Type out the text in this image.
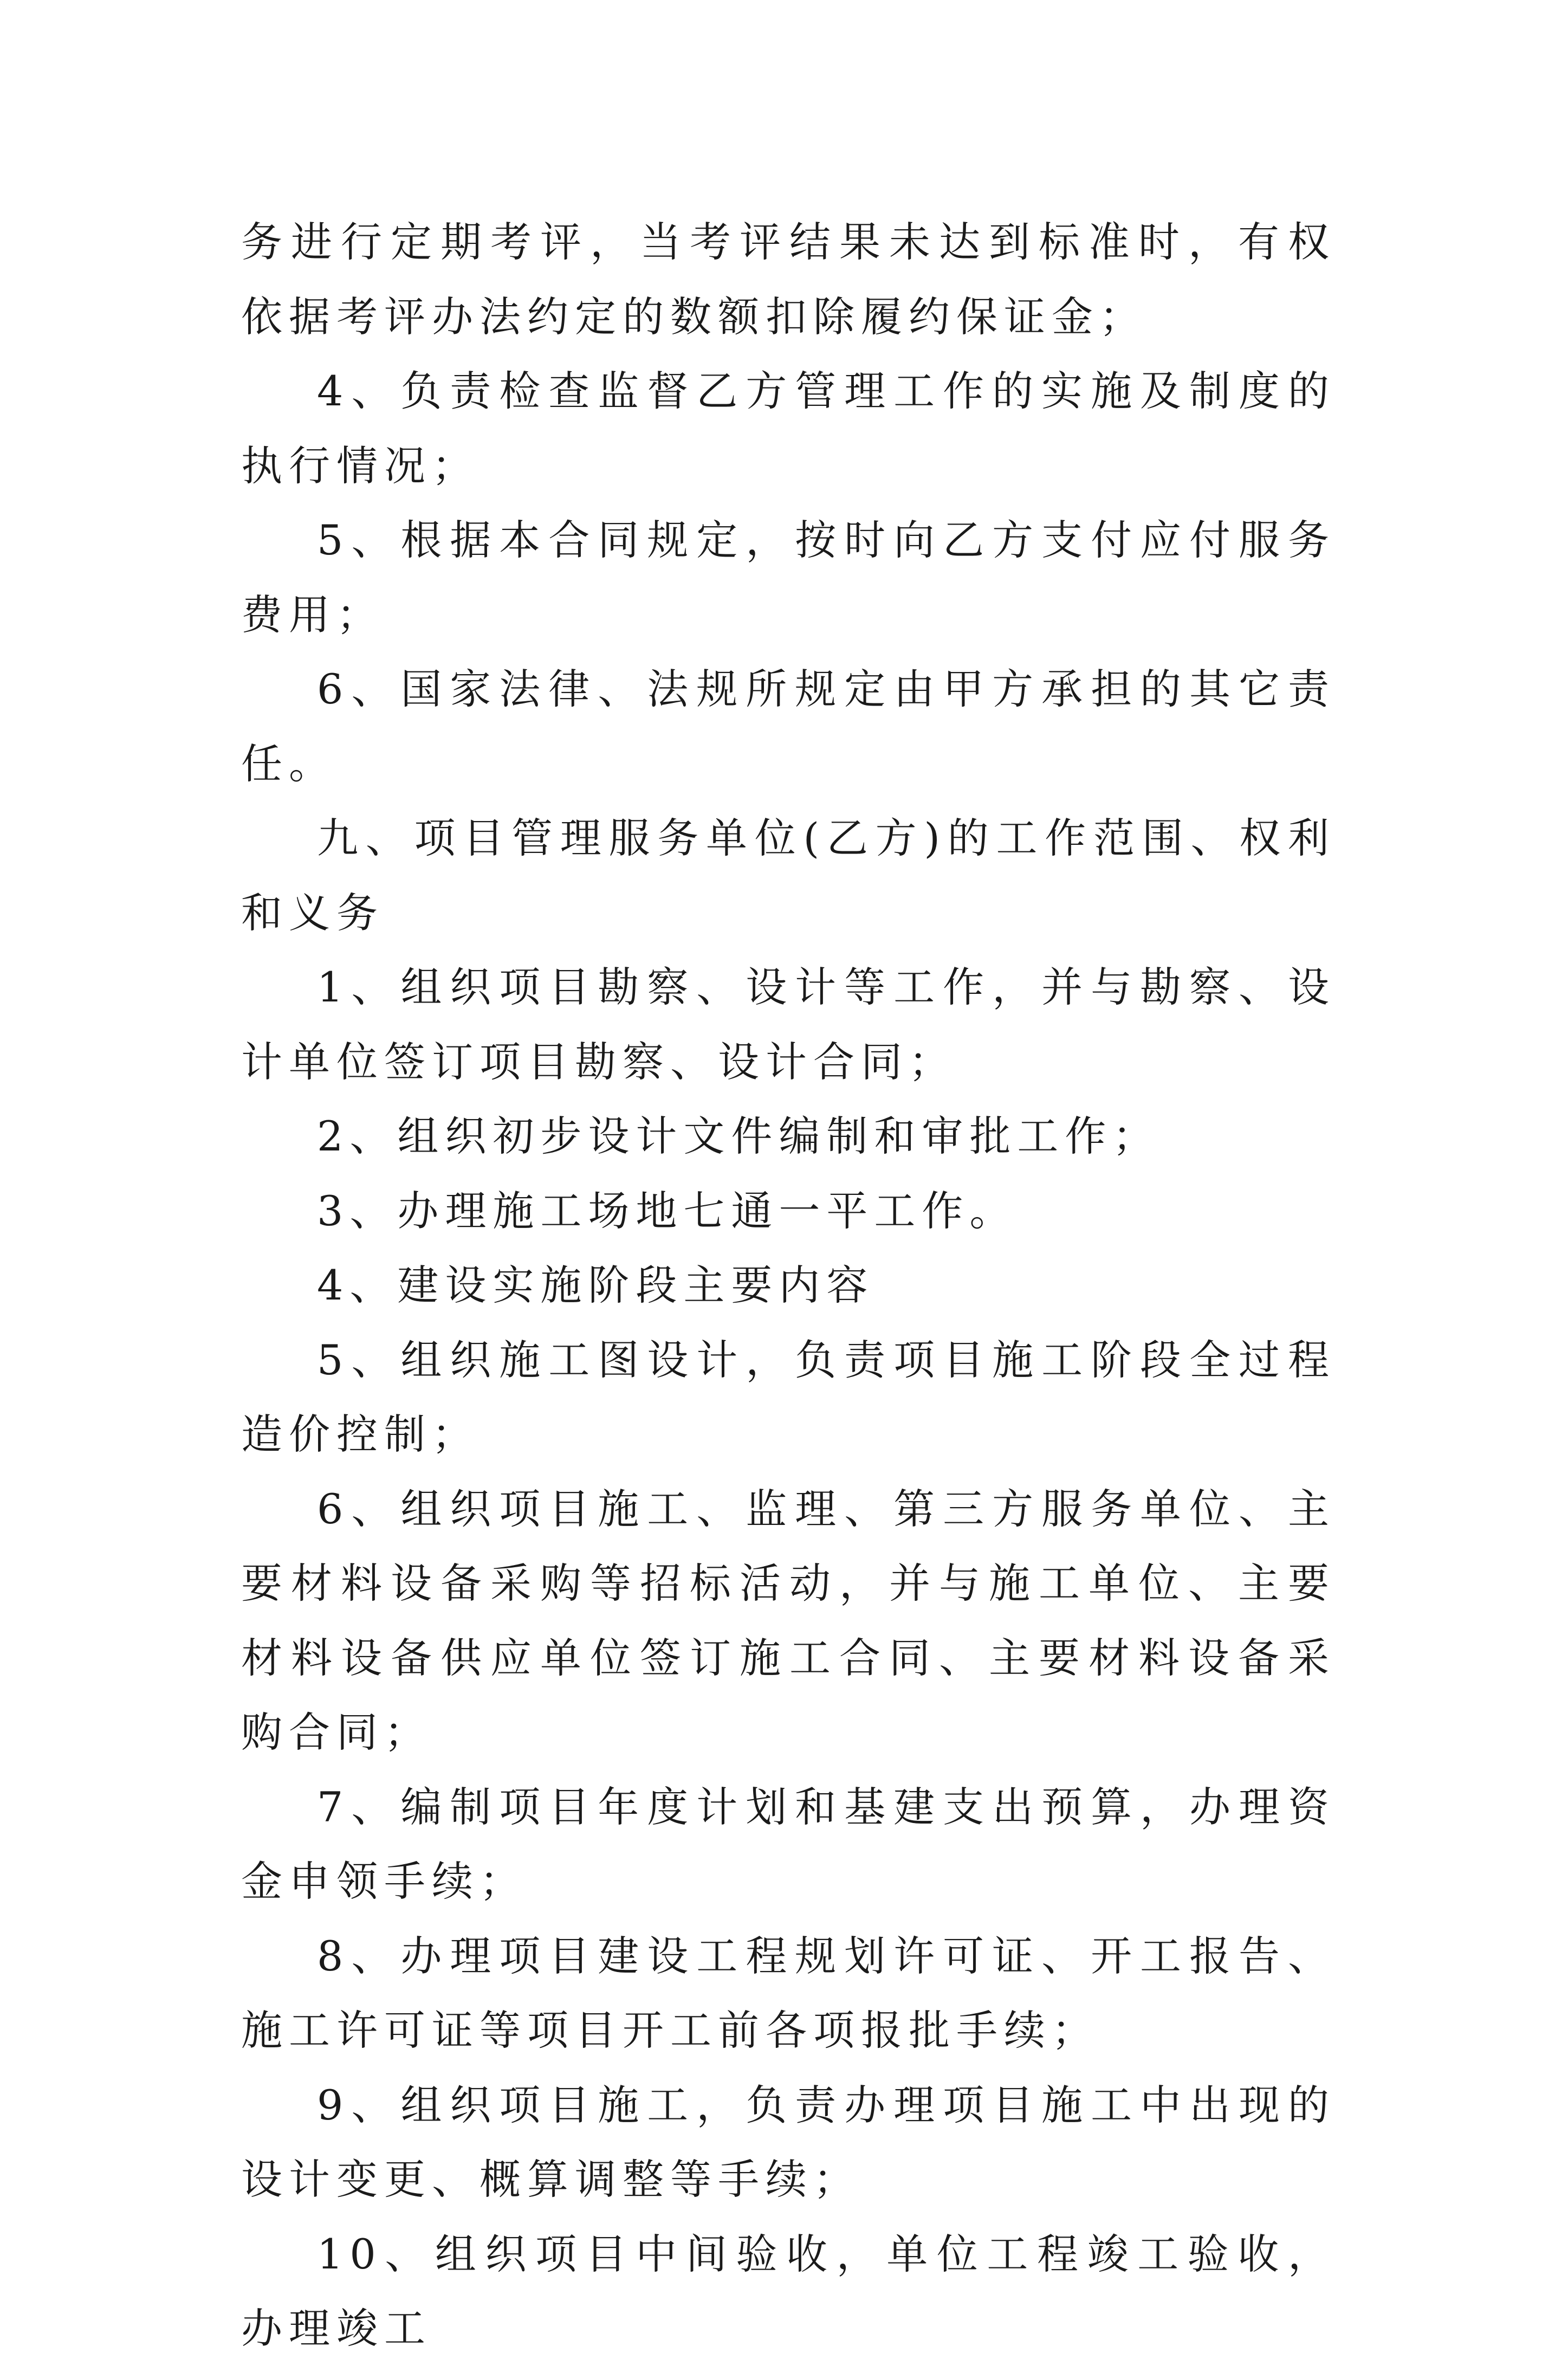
务进行定期考评，当考评结果未达到标准时，有权依据考评办法约定的数额扣除履约保证金；

4、负责检查监督乙方管理工作的实施及制度的执行情况；

5、根据本合同规定，按时向乙方支付应付服务费用；

6、国家法律、法规所规定由甲方承担的其它责任。

九、项目管理服务单位(乙方)的工作范围、权利和义务

1、组织项目勘察、设计等工作，并与勘察、设计单位签订项目勘察、设计合同；

2、组织初步设计文件编制和审批工作；

3、办理施工场地七通一平工作。

4、建设实施阶段主要内容

5、组织施工图设计，负责项目施工阶段全过程造价控制；

6、组织项目施工、监理、第三方服务单位、主要材料设备采购等招标活动，并与施工单位、主要材料设备供应单位签订施工合同、主要材料设备采购合同；

7、编制项目年度计划和基建支出预算，办理资金申领手续；

8、办理项目建设工程规划许可证、开工报告、施工许可证等项目开工前各项报批手续；

9、组织项目施工，负责办理项目施工中出现的设计变更、概算调整等手续；

10、组织项目中间验收，单位工程竣工验收，办理竣工
